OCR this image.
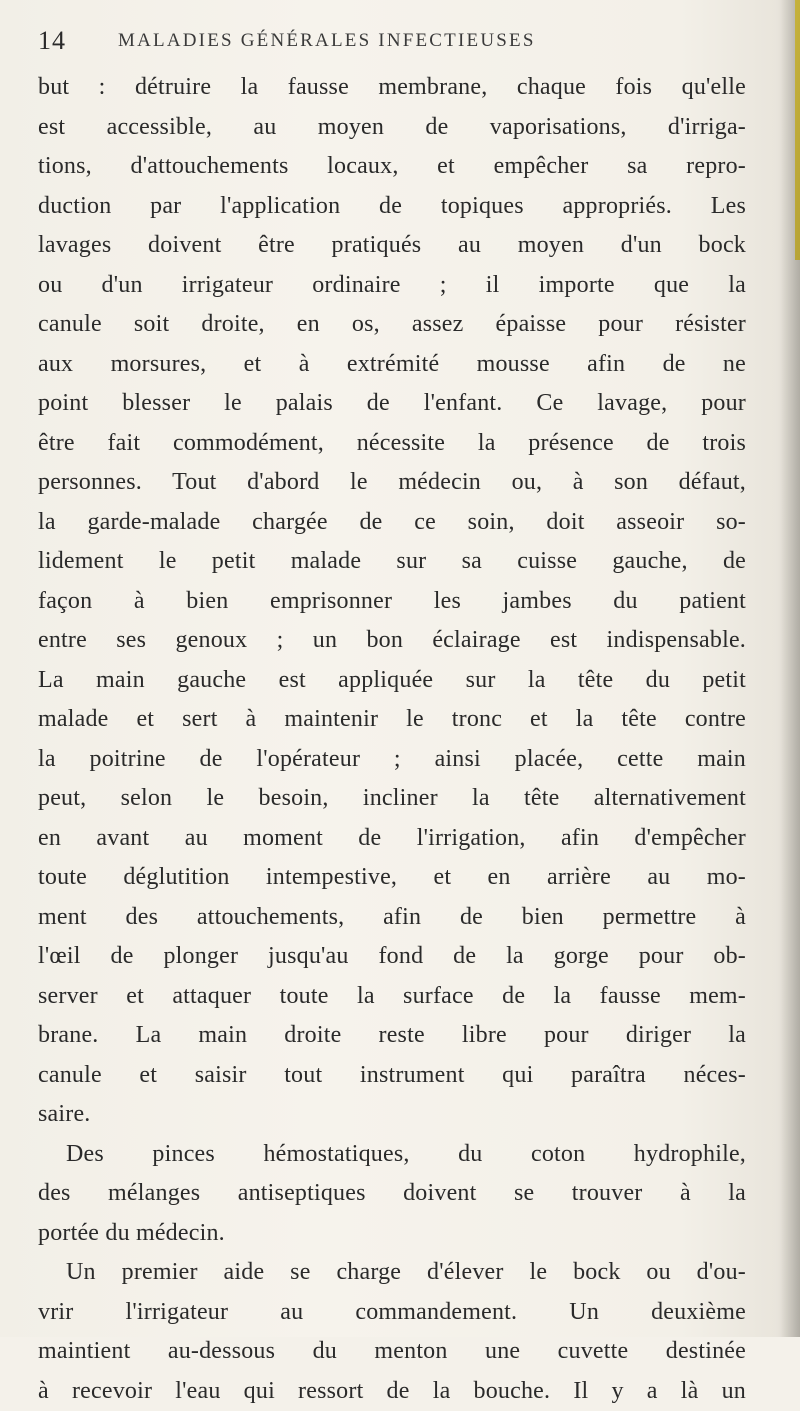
14	MALADIES GÉNÉRALES INFECTIEUSES
but : détruire la fausse membrane, chaque fois qu'elle
est accessible, au moyen de vaporisations, d'irriga-
tions, d'attouchements locaux, et empêcher sa repro-
duction par l'application de topiques appropriés. Les
lavages doivent être pratiqués au moyen d'un bock
ou d'un irrigateur ordinaire ; il importe que la
canule soit droite, en os, assez épaisse pour résister
aux morsures, et à extrémité mousse afin de ne
point blesser le palais de l'enfant. Ce lavage, pour
être fait commodément, nécessite la présence de trois
personnes. Tout d'abord le médecin ou, à son défaut,
la garde-malade chargée de ce soin, doit asseoir so-
lidement le petit malade sur sa cuisse gauche, de
façon à bien emprisonner les jambes du patient
entre ses genoux ; un bon éclairage est indispensable.
La main gauche est appliquée sur la tête du petit
malade et sert à maintenir le tronc et la tête contre
la poitrine de l'opérateur ; ainsi placée, cette main
peut, selon le besoin, incliner la tête alternativement
en avant au moment de l'irrigation, afin d'empêcher
toute déglutition intempestive, et en arrière au mo-
ment des attouchements, afin de bien permettre à
l'œil de plonger jusqu'au fond de la gorge pour ob-
server et attaquer toute la surface de la fausse mem-
brane. La main droite reste libre pour diriger la
canule et saisir tout instrument qui paraîtra néces-
saire.
Des pinces hémostatiques, du coton hydrophile,
des mélanges antiseptiques doivent se trouver à la
portée du médecin.
Un premier aide se charge d'élever le bock ou d'ou-
vrir l'irrigateur au commandement. Un deuxième
maintient au-dessous du menton une cuvette destinée
à recevoir l'eau qui ressort de la bouche. Il y a là un
